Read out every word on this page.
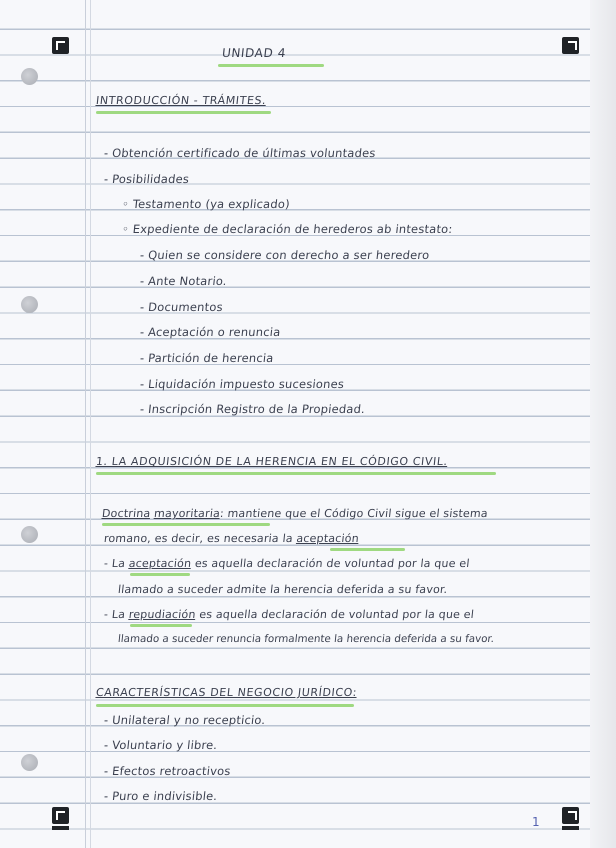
UNIDAD 4

INTRODUCCIÓN - TRÁMITES.

- Obtención certificado de últimas voluntades

- Posibilidades

◦ Testamento (ya explicado)

◦ Expediente de declaración de herederos ab intestato:

- Quien se considere con derecho a ser heredero

- Ante Notario.

- Documentos

- Aceptación o renuncia

- Partición de herencia

- Liquidación impuesto sucesiones

- Inscripción Registro de la Propiedad.

1. LA ADQUISICIÓN DE LA HERENCIA EN EL CÓDIGO CIVIL.

Doctrina mayoritaria: mantiene que el Código Civil sigue el sistema

romano, es decir, es necesaria la aceptación

- La aceptación es aquella declaración de voluntad por la que el

llamado a suceder admite la herencia deferida a su favor.

- La repudiación es aquella declaración de voluntad por la que el

llamado a suceder renuncia formalmente la herencia deferida a su favor.

CARACTERÍSTICAS DEL NEGOCIO JURÍDICO:

- Unilateral y no recepticio.

- Voluntario y libre.

- Efectos retroactivos

- Puro e indivisible.

1
